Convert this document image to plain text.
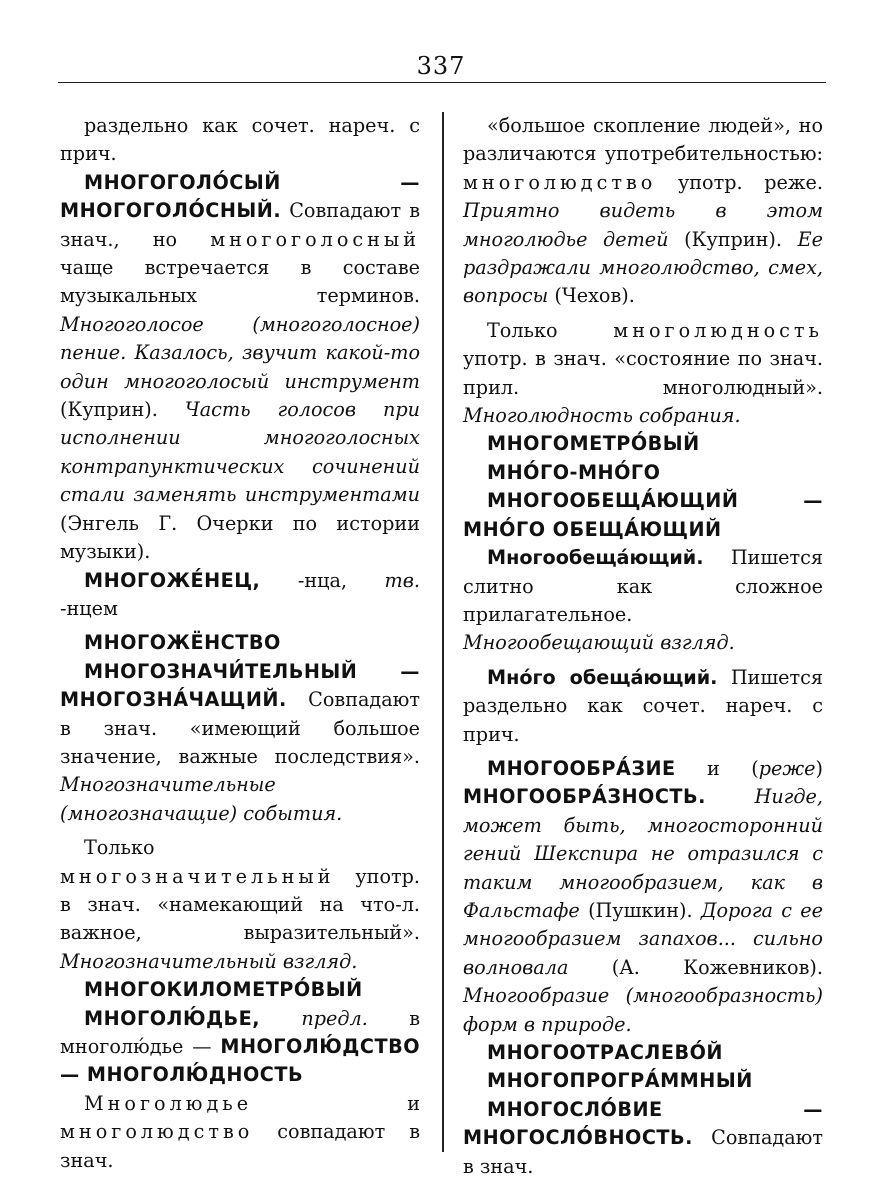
337

раздельно как сочет. нареч. с прич.

МНОГОГОЛО́СЫЙ — МНОГОГОЛО́СНЫЙ. Совпадают в знач., но многоголосный чаще встречается в составе музыкальных терминов. Многоголосое (многоголосное) пение. Казалось, звучит какой-то один многоголосый инструмент (Куприн). Часть голосов при исполнении многоголосных контрапунктических сочинений стали заменять инструментами (Энгель Г. Очерки по истории музыки).

МНОГОЖЕ́НЕЦ, -нца, тв. -нцем

МНОГОЖЁНСТВО

МНОГОЗНАЧИ́ТЕЛЬНЫЙ — МНОГОЗНА́ЧАЩИЙ. Совпадают в знач. «имеющий большое значение, важные последствия». Многозначительные (многозначащие) события.

Только многозначительный употр. в знач. «намекающий на что-л. важное, выразительный». Многозначительный взгляд.

МНОГОКИЛОМЕТРО́ВЫЙ

МНОГОЛЮ́ДЬЕ, предл. в многолю́дье — МНОГОЛЮ́ДСТВО — МНОГОЛЮ́ДНОСТЬ

Многолюдье и многолюдство совпадают в знач.

«большое скопление людей», но различаются употребительностью: многолюдство употр. реже. Приятно видеть в этом многолюдье детей (Куприн). Ее раздражали многолюдство, смех, вопросы (Чехов).

Только многолюдность употр. в знач. «состояние по знач. прил. многолюдный». Многолюдность собрания.

МНОГОМЕТРО́ВЫЙ

МНО́ГО-МНО́ГО

МНОГООБЕЩА́ЮЩИЙ — МНО́ГО ОБЕЩА́ЮЩИЙ

Многообеща́ющий. Пишется слитно как сложное прилагательное. Многообещающий взгляд.

Мно́го обеща́ющий. Пишется раздельно как сочет. нареч. с прич.

МНОГООБРА́ЗИЕ и (реже) МНОГООБРА́ЗНОСТЬ. Нигде, может быть, многосторонний гений Шекспира не отразился с таким многообразием, как в Фальстафе (Пушкин). Дорога с ее многообразием запахов... сильно волновала (А. Кожевников). Многообразие (многообразность) форм в природе.

МНОГООТРАСЛЕВО́Й

МНОГОПРОГРА́ММНЫЙ

МНОГОСЛО́ВИЕ — МНОГОСЛО́ВНОСТЬ. Совпадают в знач.
